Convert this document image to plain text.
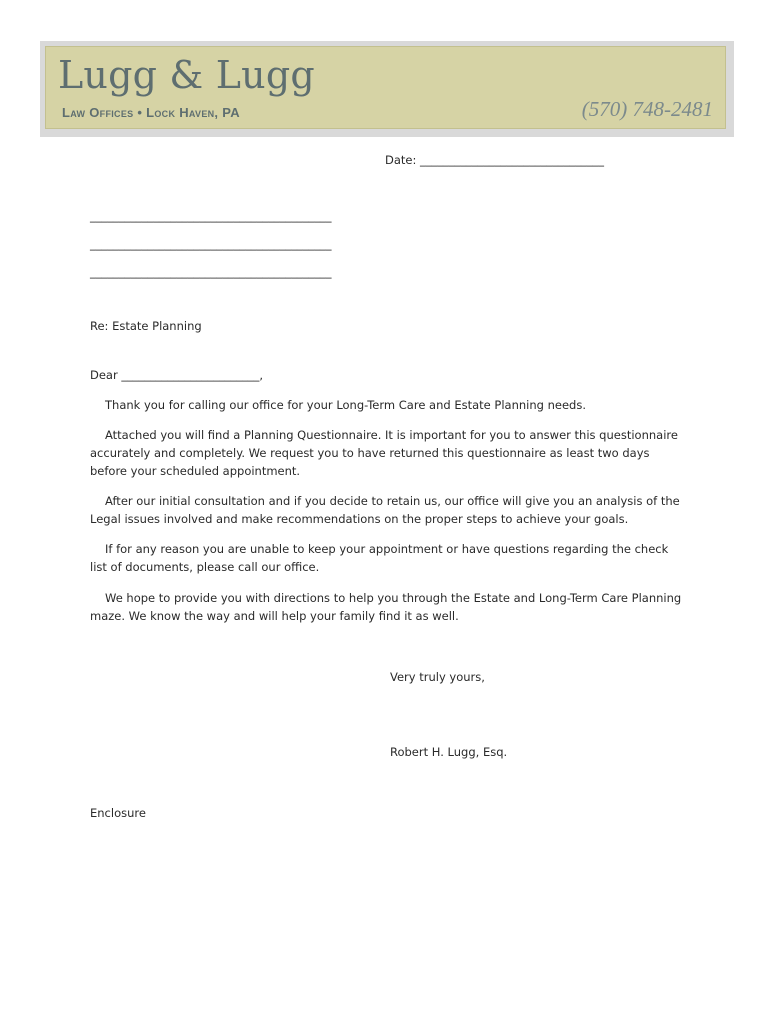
Lugg & Lugg
Law Offices • Lock Haven, PA	(570) 748-2481
Date: ________________________________
__________________________________________
__________________________________________
__________________________________________
Re: Estate Planning
Dear ________________________,

Thank you for calling our office for your Long-Term Care and Estate Planning needs.

Attached you will find a Planning Questionnaire. It is important for you to answer this questionnaire accurately and completely. We request you to have returned this questionnaire as least two days before your scheduled appointment.

After our initial consultation and if you decide to retain us, our office will give you an analysis of the Legal issues involved and make recommendations on the proper steps to achieve your goals.

If for any reason you are unable to keep your appointment or have questions regarding the check list of documents, please call our office.

We hope to provide you with directions to help you through the Estate and Long-Term Care Planning maze. We know the way and will help your family find it as well.

Very truly yours,
Robert H. Lugg, Esq.
Enclosure
